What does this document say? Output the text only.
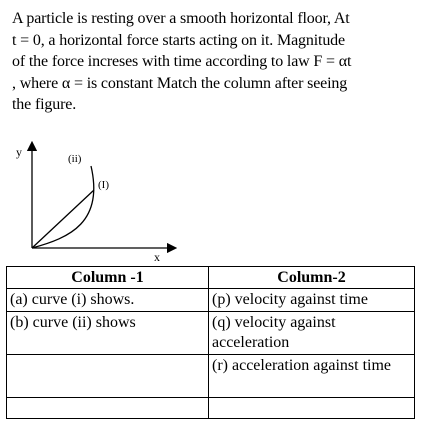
A particle is resting over a smooth horizontal floor, At
t = 0, a horizontal force starts acting on it. Magnitude
of the force increses with time according to law F = αt
, where α = is constant Match the column after seeing
the figure.
y
x
(ii)
(I)
Column -1	Column-2
(a) curve (i) shows.	(p) velocity against time
(b) curve (ii) shows	(q) velocity against acceleration
	(r) acceleration against time
